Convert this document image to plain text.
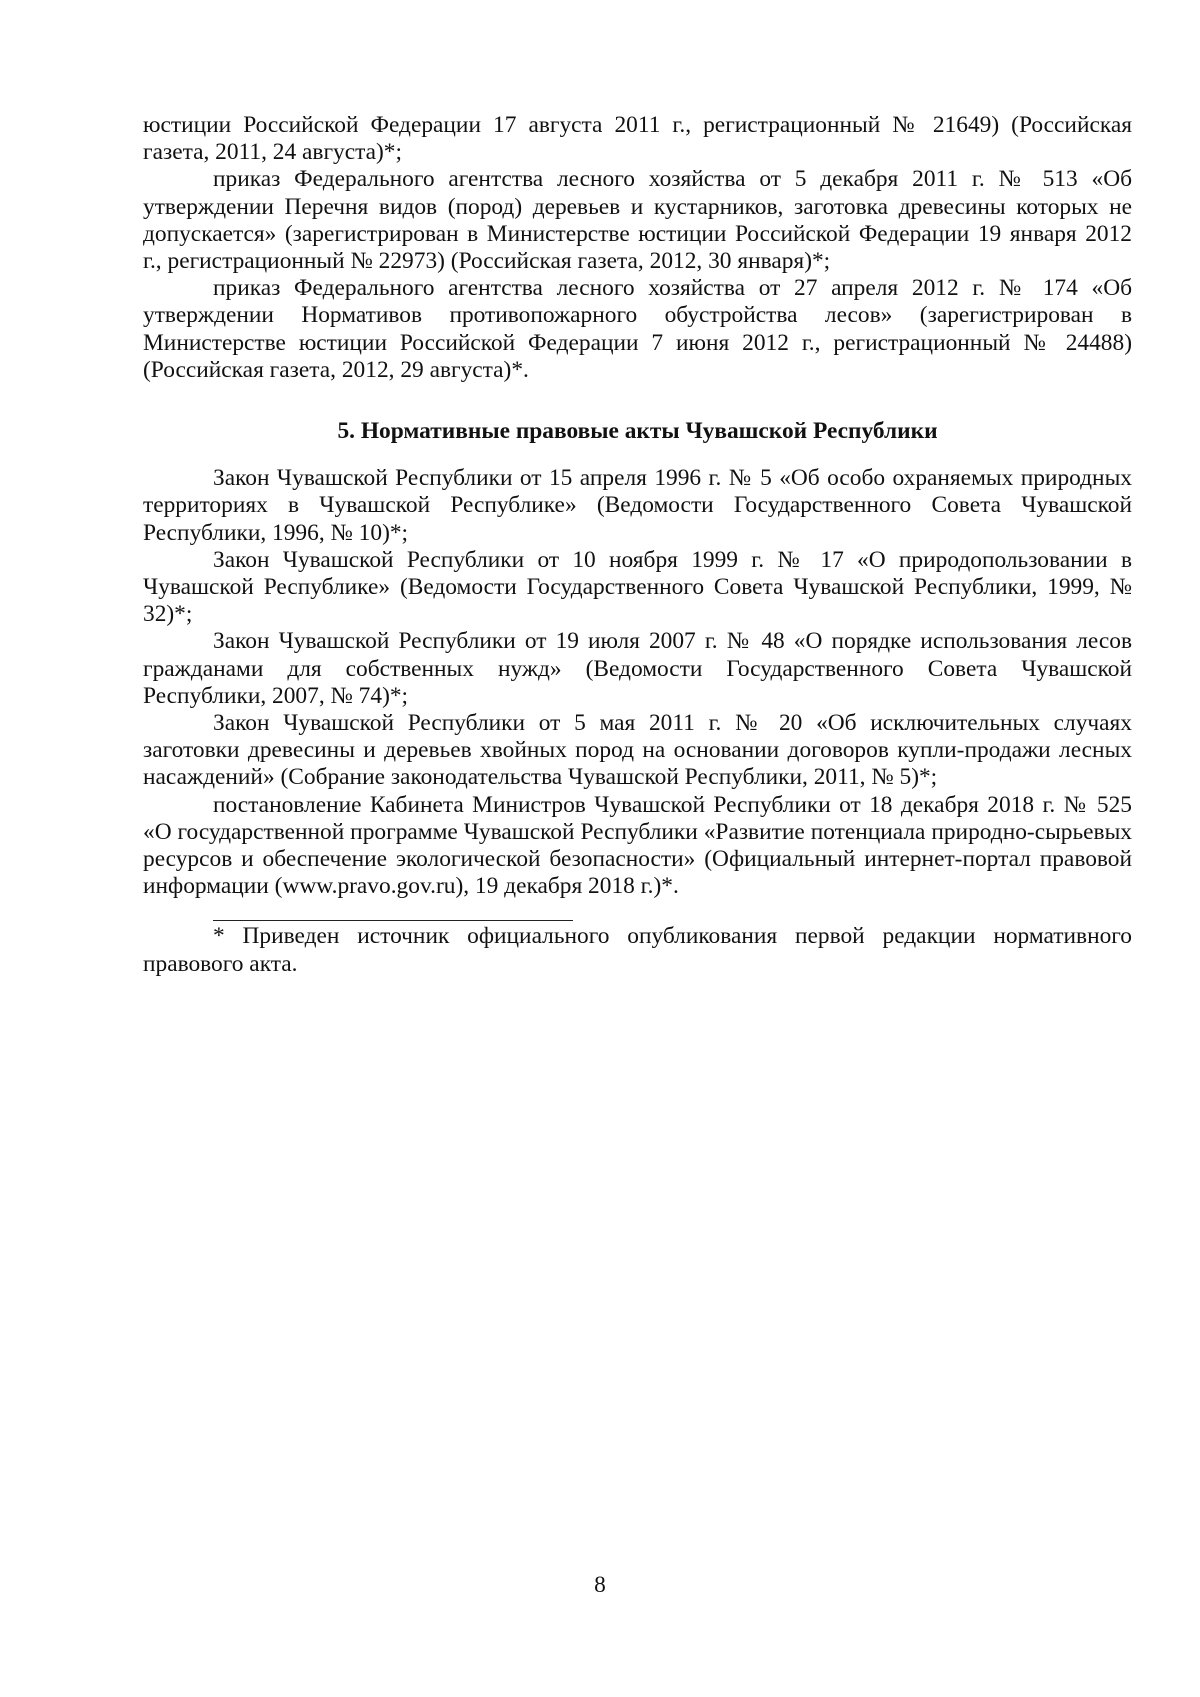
юстиции Российской Федерации 17 августа 2011 г., регистрационный № 21649) (Российская газета, 2011, 24 августа)*;

приказ Федерального агентства лесного хозяйства от 5 декабря 2011 г. № 513 «Об утверждении Перечня видов (пород) деревьев и кустарников, заготовка древесины которых не допускается» (зарегистрирован в Министерстве юстиции Российской Федерации 19 января 2012 г., регистрационный № 22973) (Российская газета, 2012, 30 января)*;

приказ Федерального агентства лесного хозяйства от 27 апреля 2012 г. № 174 «Об утверждении Нормативов противопожарного обустройства лесов» (зарегистрирован в Министерстве юстиции Российской Федерации 7 июня 2012 г., регистрационный № 24488) (Российская газета, 2012, 29 августа)*.

5. Нормативные правовые акты Чувашской Республики

Закон Чувашской Республики от 15 апреля 1996 г. № 5 «Об особо охраняемых природных территориях в Чувашской Республике» (Ведомости Государственного Совета Чувашской Республики, 1996, № 10)*;

Закон Чувашской Республики от 10 ноября 1999 г. № 17 «О природопользовании в Чувашской Республике» (Ведомости Государственного Совета Чувашской Республики, 1999, № 32)*;

Закон Чувашской Республики от 19 июля 2007 г. № 48 «О порядке использования лесов гражданами для собственных нужд» (Ведомости Государственного Совета Чувашской Республики, 2007, № 74)*;

Закон Чувашской Республики от 5 мая 2011 г. № 20 «Об исключительных случаях заготовки древесины и деревьев хвойных пород на основании договоров купли-продажи лесных насаждений» (Собрание законодательства Чувашской Республики, 2011, № 5)*;

постановление Кабинета Министров Чувашской Республики от 18 декабря 2018 г. № 525 «О государственной программе Чувашской Республики «Развитие потенциала природно-сырьевых ресурсов и обеспечение экологической безопасности» (Официальный интернет-портал правовой информации (www.pravo.gov.ru), 19 декабря 2018 г.)*.

* Приведен источник официального опубликования первой редакции нормативного правового акта.

8
